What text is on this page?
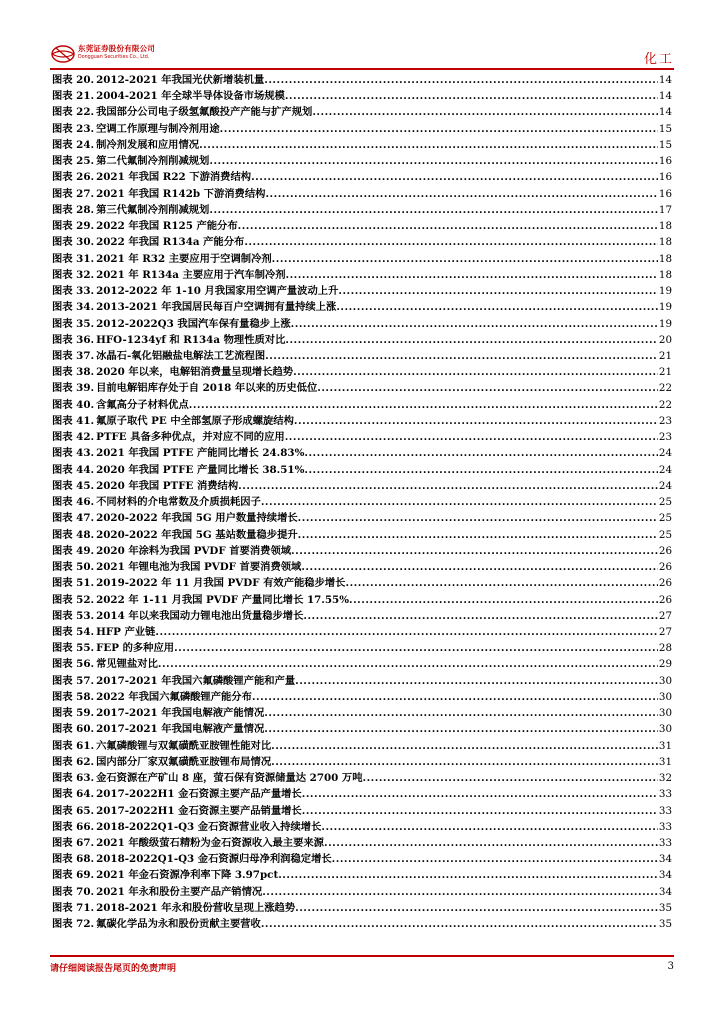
东莞证券股份有限公司
Dongguan Securities Co., Ltd.	化工
图表 20. 2012-2021 年我国光伏新增装机量 .....	14
图表 21. 2004-2021 年全球半导体设备市场规模 .....	14
图表 22. 我国部分公司电子级氢氟酸投产产能与扩产规划 .....	14
图表 23. 空调工作原理与制冷剂用途 .....	15
图表 24. 制冷剂发展和应用情况 .....	15
图表 25. 第二代氟制冷剂削减规划 .....	16
图表 26. 2021 年我国 R22 下游消费结构 .....	16
图表 27. 2021 年我国 R142b 下游消费结构 .....	16
图表 28. 第三代氟制冷剂削减规划 .....	17
图表 29. 2022 年我国 R125 产能分布 .....	18
图表 30. 2022 年我国 R134a 产能分布 .....	18
图表 31. 2021 年 R32 主要应用于空调制冷剂 .....	18
图表 32. 2021 年 R134a 主要应用于汽车制冷剂 .....	18
图表 33. 2012-2022 年 1-10 月我国家用空调产量波动上升 .....	19
图表 34. 2013-2021 年我国居民每百户空调拥有量持续上涨 .....	19
图表 35. 2012-2022Q3 我国汽车保有量稳步上涨 .....	19
图表 36. HFO-1234yf 和 R134a 物理性质对比 .....	20
图表 37. 冰晶石-氧化铝融盐电解法工艺流程图 .....	21
图表 38. 2020 年以来，电解铝消费量呈现增长趋势 .....	21
图表 39. 目前电解铝库存处于自 2018 年以来的历史低位 .....	22
图表 40. 含氟高分子材料优点 .....	22
图表 41. 氟原子取代 PE 中全部氢原子形成螺旋结构 .....	23
图表 42. PTFE 具备多种优点，并对应不同的应用 .....	23
图表 43. 2021 年我国 PTFE 产能同比增长 24.83% .....	24
图表 44. 2020 年我国 PTFE 产量同比增长 38.51% .....	24
图表 45. 2020 年我国 PTFE 消费结构 .....	24
图表 46. 不同材料的介电常数及介质损耗因子 .....	25
图表 47. 2020-2022 年我国 5G 用户数量持续增长 .....	25
图表 48. 2020-2022 年我国 5G 基站数量稳步提升 .....	25
图表 49. 2020 年涂料为我国 PVDF 首要消费领域 .....	26
图表 50. 2021 年锂电池为我国 PVDF 首要消费领域 .....	26
图表 51. 2019-2022 年 11 月我国 PVDF 有效产能稳步增长 .....	26
图表 52. 2022 年 1-11 月我国 PVDF 产量同比增长 17.55% .....	26
图表 53. 2014 年以来我国动力锂电池出货量稳步增长 .....	27
图表 54. HFP 产业链 .....	27
图表 55. FEP 的多种应用 .....	28
图表 56. 常见锂盐对比 .....	29
图表 57. 2017-2021 年我国六氟磷酸锂产能和产量 .....	30
图表 58. 2022 年我国六氟磷酸锂产能分布 .....	30
图表 59. 2017-2021 年我国电解液产能情况 .....	30
图表 60. 2017-2021 年我国电解液产量情况 .....	30
图表 61. 六氟磷酸锂与双氟磺酰亚胺锂性能对比 .....	31
图表 62. 国内部分厂家双氟磺酰亚胺锂布局情况 .....	31
图表 63. 金石资源在产矿山 8 座，萤石保有资源储量达 2700 万吨 .....	32
图表 64. 2017-2022H1 金石资源主要产品产量增长 .....	33
图表 65. 2017-2022H1 金石资源主要产品销量增长 .....	33
图表 66. 2018-2022Q1-Q3 金石资源营业收入持续增长 .....	33
图表 67. 2021 年酸级萤石精粉为金石资源收入最主要来源 .....	33
图表 68. 2018-2022Q1-Q3 金石资源归母净利润稳定增长 .....	34
图表 69. 2021 年金石资源净利率下降 3.97pct .....	34
图表 70. 2021 年永和股份主要产品产销情况 .....	34
图表 71. 2018-2021 年永和股份营收呈现上涨趋势 .....	35
图表 72. 氟碳化学品为永和股份贡献主要营收 .....	35
请仔细阅读报告尾页的免责声明	3
